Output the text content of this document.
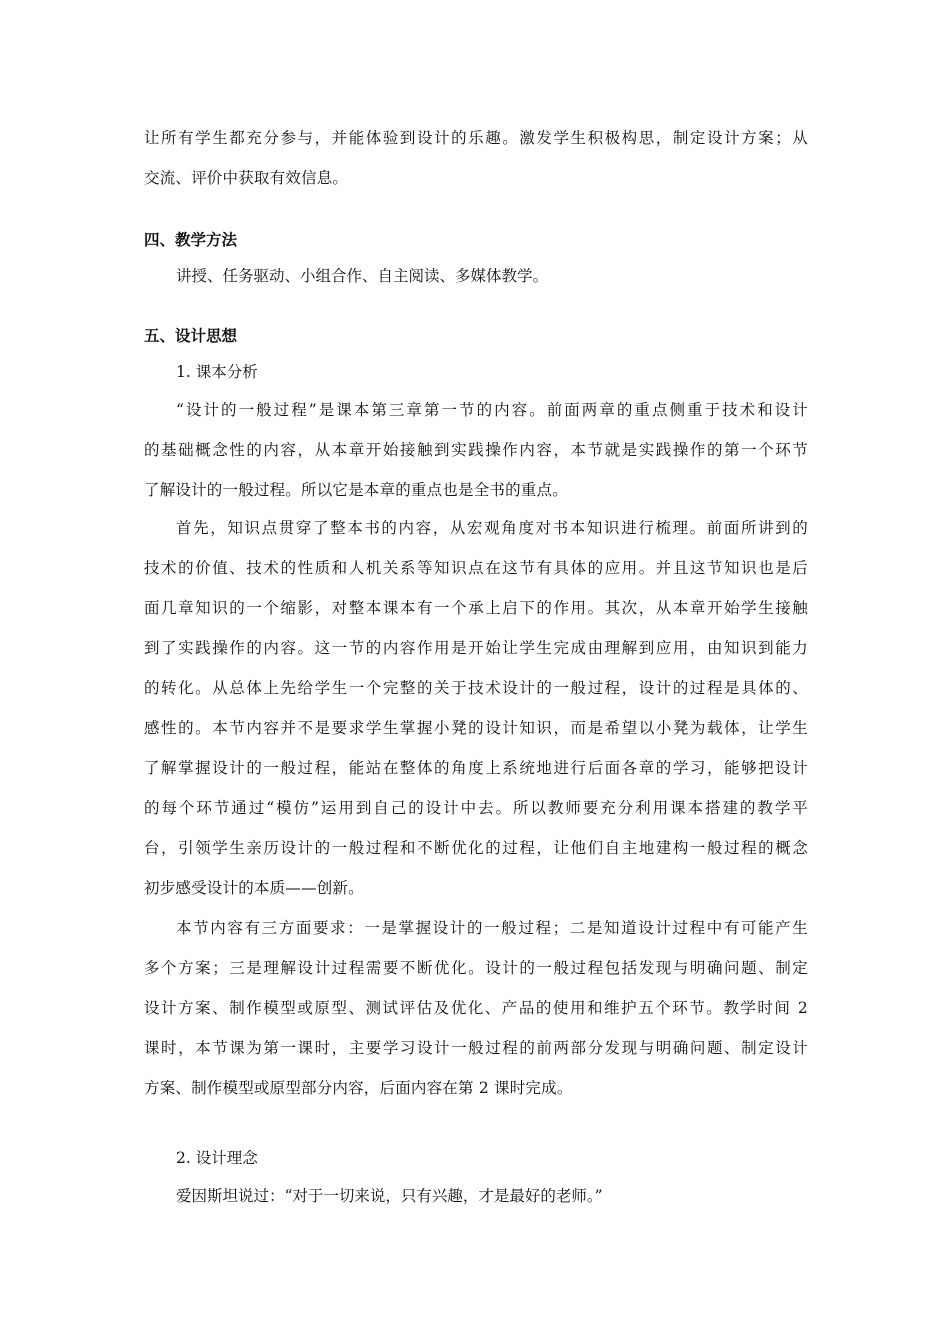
让所有学生都充分参与，并能体验到设计的乐趣。激发学生积极构思，制定设计方案；从
交流、评价中获取有效信息。
四、教学方法
讲授、任务驱动、小组合作、自主阅读、多媒体教学。
五、设计思想
1. 课本分析
“设计的一般过程”是课本第三章第一节的内容。前面两章的重点侧重于技术和设计
的基础概念性的内容，从本章开始接触到实践操作内容，本节就是实践操作的第一个环节
了解设计的一般过程。所以它是本章的重点也是全书的重点。
首先，知识点贯穿了整本书的内容，从宏观角度对书本知识进行梳理。前面所讲到的
技术的价值、技术的性质和人机关系等知识点在这节有具体的应用。并且这节知识也是后
面几章知识的一个缩影，对整本课本有一个承上启下的作用。其次，从本章开始学生接触
到了实践操作的内容。这一节的内容作用是开始让学生完成由理解到应用，由知识到能力
的转化。从总体上先给学生一个完整的关于技术设计的一般过程，设计的过程是具体的、
感性的。本节内容并不是要求学生掌握小凳的设计知识，而是希望以小凳为载体，让学生
了解掌握设计的一般过程，能站在整体的角度上系统地进行后面各章的学习，能够把设计
的每个环节通过“模仿”运用到自己的设计中去。所以教师要充分利用课本搭建的教学平
台，引领学生亲历设计的一般过程和不断优化的过程，让他们自主地建构一般过程的概念
初步感受设计的本质——创新。
本节内容有三方面要求：一是掌握设计的一般过程；二是知道设计过程中有可能产生
多个方案；三是理解设计过程需要不断优化。设计的一般过程包括发现与明确问题、制定
设计方案、制作模型或原型、测试评估及优化、产品的使用和维护五个环节。教学时间 2
课时，本节课为第一课时，主要学习设计一般过程的前两部分发现与明确问题、制定设计
方案、制作模型或原型部分内容，后面内容在第 2 课时完成。
2. 设计理念
爱因斯坦说过：“对于一切来说，只有兴趣，才是最好的老师。”
